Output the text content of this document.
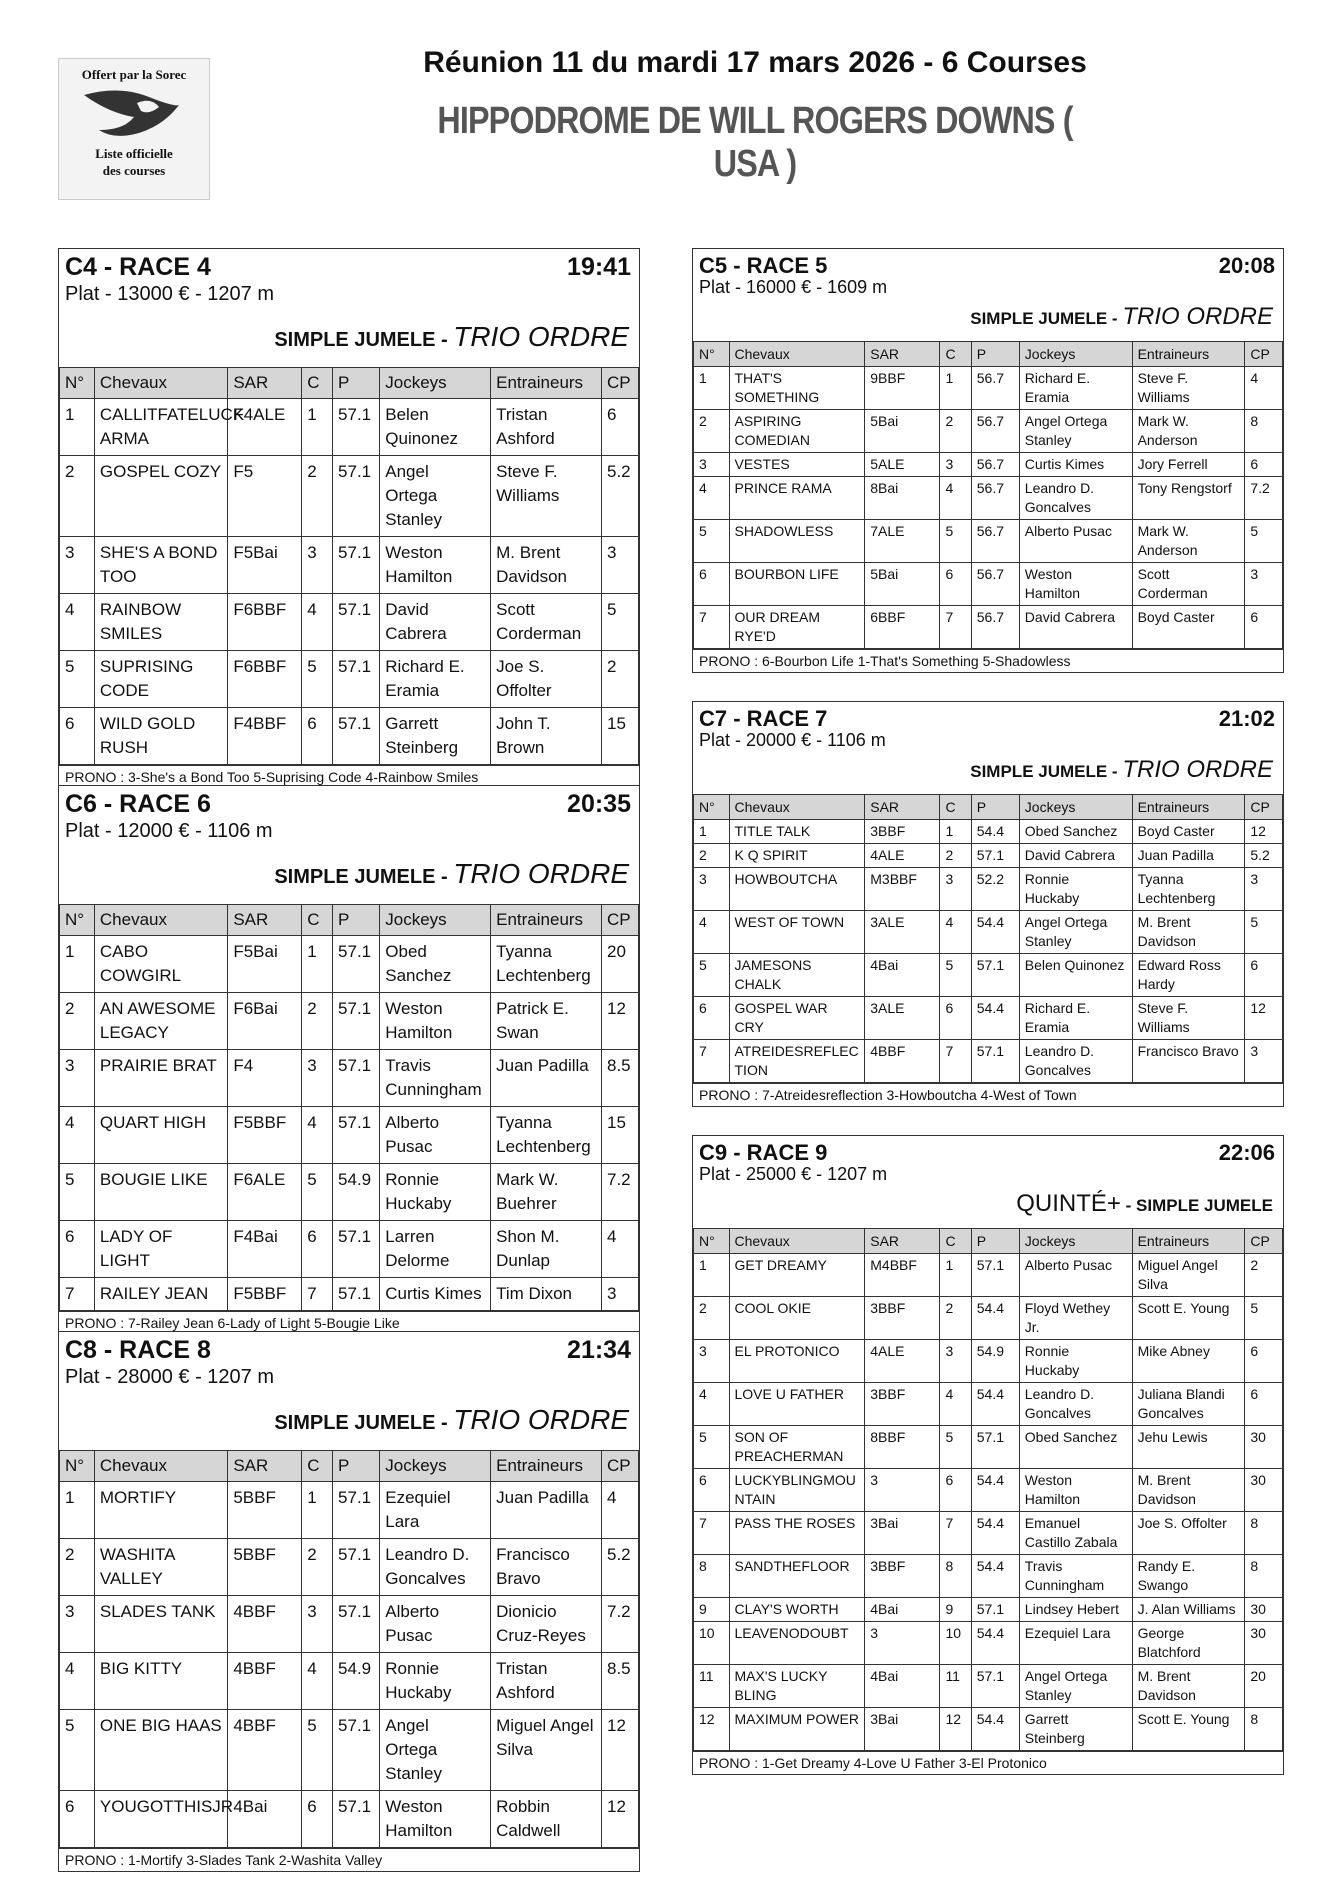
Offert par la Sorec
Liste officielle
des courses
Réunion 11 du mardi 17 mars 2026 - 6 Courses
HIPPODROME DE WILL ROGERS DOWNS ( USA )
C4 - RACE 4	19:41
Plat - 13000 € - 1207 m
SIMPLE JUMELE - TRIO ORDRE
N°	Chevaux	SAR	C	P	Jockeys	Entraineurs	CP
1	CALLITFATELUCK ARMA	F4ALE	1	57.1	Belen Quinonez	Tristan Ashford	6
2	GOSPEL COZY	F5	2	57.1	Angel Ortega Stanley	Steve F. Williams	5.2
3	SHE'S A BOND TOO	F5Bai	3	57.1	Weston Hamilton	M. Brent Davidson	3
4	RAINBOW SMILES	F6BBF	4	57.1	David Cabrera	Scott Corderman	5
5	SUPRISING CODE	F6BBF	5	57.1	Richard E. Eramia	Joe S. Offolter	2
6	WILD GOLD RUSH	F4BBF	6	57.1	Garrett Steinberg	John T. Brown	15
PRONO : 3-She's a Bond Too 5-Suprising Code 4-Rainbow Smiles
C6 - RACE 6	20:35
Plat - 12000 € - 1106 m
SIMPLE JUMELE - TRIO ORDRE
N°	Chevaux	SAR	C	P	Jockeys	Entraineurs	CP
1	CABO COWGIRL	F5Bai	1	57.1	Obed Sanchez	Tyanna Lechtenberg	20
2	AN AWESOME LEGACY	F6Bai	2	57.1	Weston Hamilton	Patrick E. Swan	12
3	PRAIRIE BRAT	F4	3	57.1	Travis Cunningham	Juan Padilla	8.5
4	QUART HIGH	F5BBF	4	57.1	Alberto Pusac	Tyanna Lechtenberg	15
5	BOUGIE LIKE	F6ALE	5	54.9	Ronnie Huckaby	Mark W. Buehrer	7.2
6	LADY OF LIGHT	F4Bai	6	57.1	Larren Delorme	Shon M. Dunlap	4
7	RAILEY JEAN	F5BBF	7	57.1	Curtis Kimes	Tim Dixon	3
PRONO : 7-Railey Jean 6-Lady of Light 5-Bougie Like
C8 - RACE 8	21:34
Plat - 28000 € - 1207 m
SIMPLE JUMELE - TRIO ORDRE
N°	Chevaux	SAR	C	P	Jockeys	Entraineurs	CP
1	MORTIFY	5BBF	1	57.1	Ezequiel Lara	Juan Padilla	4
2	WASHITA VALLEY	5BBF	2	57.1	Leandro D. Goncalves	Francisco Bravo	5.2
3	SLADES TANK	4BBF	3	57.1	Alberto Pusac	Dionicio Cruz-Reyes	7.2
4	BIG KITTY	4BBF	4	54.9	Ronnie Huckaby	Tristan Ashford	8.5
5	ONE BIG HAAS	4BBF	5	57.1	Angel Ortega Stanley	Miguel Angel Silva	12
6	YOUGOTTHISJR	4Bai	6	57.1	Weston Hamilton	Robbin Caldwell	12
PRONO : 1-Mortify 3-Slades Tank 2-Washita Valley
C5 - RACE 5	20:08
Plat - 16000 € - 1609 m
SIMPLE JUMELE - TRIO ORDRE
N°	Chevaux	SAR	C	P	Jockeys	Entraineurs	CP
1	THAT'S SOMETHING	9BBF	1	56.7	Richard E. Eramia	Steve F. Williams	4
2	ASPIRING COMEDIAN	5Bai	2	56.7	Angel Ortega Stanley	Mark W. Anderson	8
3	VESTES	5ALE	3	56.7	Curtis Kimes	Jory Ferrell	6
4	PRINCE RAMA	8Bai	4	56.7	Leandro D. Goncalves	Tony Rengstorf	7.2
5	SHADOWLESS	7ALE	5	56.7	Alberto Pusac	Mark W. Anderson	5
6	BOURBON LIFE	5Bai	6	56.7	Weston Hamilton	Scott Corderman	3
7	OUR DREAM RYE'D	6BBF	7	56.7	David Cabrera	Boyd Caster	6
PRONO : 6-Bourbon Life 1-That's Something 5-Shadowless
C7 - RACE 7	21:02
Plat - 20000 € - 1106 m
SIMPLE JUMELE - TRIO ORDRE
N°	Chevaux	SAR	C	P	Jockeys	Entraineurs	CP
1	TITLE TALK	3BBF	1	54.4	Obed Sanchez	Boyd Caster	12
2	K Q SPIRIT	4ALE	2	57.1	David Cabrera	Juan Padilla	5.2
3	HOWBOUTCHA	M3BBF	3	52.2	Ronnie Huckaby	Tyanna Lechtenberg	3
4	WEST OF TOWN	3ALE	4	54.4	Angel Ortega Stanley	M. Brent Davidson	5
5	JAMESONS CHALK	4Bai	5	57.1	Belen Quinonez	Edward Ross Hardy	6
6	GOSPEL WAR CRY	3ALE	6	54.4	Richard E. Eramia	Steve F. Williams	12
7	ATREIDESREFLEC TION	4BBF	7	57.1	Leandro D. Goncalves	Francisco Bravo	3
PRONO : 7-Atreidesreflection 3-Howboutcha 4-West of Town
C9 - RACE 9	22:06
Plat - 25000 € - 1207 m
QUINTÉ+ - SIMPLE JUMELE
N°	Chevaux	SAR	C	P	Jockeys	Entraineurs	CP
1	GET DREAMY	M4BBF	1	57.1	Alberto Pusac	Miguel Angel Silva	2
2	COOL OKIE	3BBF	2	54.4	Floyd Wethey Jr.	Scott E. Young	5
3	EL PROTONICO	4ALE	3	54.9	Ronnie Huckaby	Mike Abney	6
4	LOVE U FATHER	3BBF	4	54.4	Leandro D. Goncalves	Juliana Blandi Goncalves	6
5	SON OF PREACHERMAN	8BBF	5	57.1	Obed Sanchez	Jehu Lewis	30
6	LUCKYBLINGMOU NTAIN	3	6	54.4	Weston Hamilton	M. Brent Davidson	30
7	PASS THE ROSES	3Bai	7	54.4	Emanuel Castillo Zabala	Joe S. Offolter	8
8	SANDTHEFLOOR	3BBF	8	54.4	Travis Cunningham	Randy E. Swango	8
9	CLAY'S WORTH	4Bai	9	57.1	Lindsey Hebert	J. Alan Williams	30
10	LEAVENODOUBT	3	10	54.4	Ezequiel Lara	George Blatchford	30
11	MAX'S LUCKY BLING	4Bai	11	57.1	Angel Ortega Stanley	M. Brent Davidson	20
12	MAXIMUM POWER	3Bai	12	54.4	Garrett Steinberg	Scott E. Young	8
PRONO : 1-Get Dreamy 4-Love U Father 3-El Protonico
